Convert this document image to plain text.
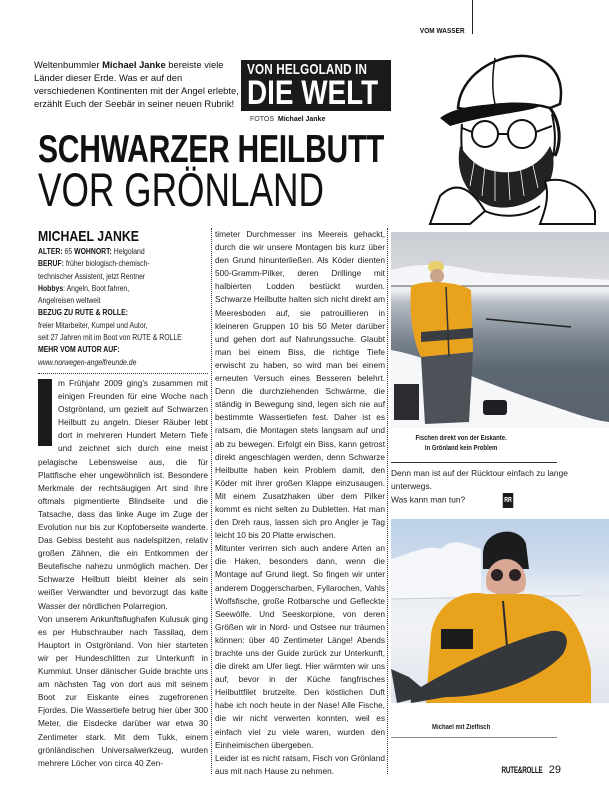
VOM WASSER
Weltenbummler Michael Janke bereiste viele Länder dieser Erde. Was er auf den verschiedenen Kontinenten mit der Angel erlebte, erzählt Euch der Seebär in seiner neuen Rubrik!
VON HELGOLAND IN
DIE WELT
FOTOS Michael Janke
SCHWARZER HEILBUTT
VOR GRÖNLAND
MICHAEL JANKE
ALTER: 65 WOHNORT: Helgoland
BERUF: früher biologisch-chemisch-
technischer Assistent, jetzt Rentner
Hobbys: Angeln, Boot fahren,
Angelreisen weltweit
BEZUG ZU RUTE & ROLLE:
freier Mitarbeiter, Kumpel und Autor,
seit 27 Jahren mit im Boot von RUTE & ROLLE
MEHR VOM AUTOR AUF:
www.norwegen-angelfreunde.de

m Frühjahr 2009 ging's zusammen mit einigen Freunden für eine Woche nach Ostgrönland, um gezielt auf Schwarzen Heilbutt zu angeln. Dieser Räuber lebt dort in mehreren Hundert Metern Tiefe und zeichnet sich durch eine meist pelagische Lebensweise aus, die für Plattfische eher ungewöhnlich ist. Besondere Merkmale der rechtsäugigen Art sind ihre oftmals pigmentierte Blindseite und die Tatsache, dass das linke Auge im Zuge der Evolution nur bis zur Kopfoberseite wanderte. Das Gebiss besteht aus nadelspitzen, relativ großen Zähnen, die ein Entkommen der Beutefische nahezu unmöglich machen. Der Schwarze Heilbutt bleibt kleiner als sein weißer Verwandter und bevorzugt das kalte Wasser der nördlichen Polarregion.

Von unserem Ankunftsflughafen Kulusuk ging es per Hubschrauber nach Tassilaq, dem Hauptort in Ostgrönland. Von hier starteten wir per Hundeschlitten zur Unterkunft in Kummiut. Unser dänischer Guide brachte uns am nächsten Tag von dort aus mit seinem Boot zur Eiskante eines zugefrorenen Fjordes. Die Wassertiefe betrug hier über 300 Meter, die Eisdecke darüber war etwa 30 Zentimeter stark. Mit dem Tukk, einem grönländischen Universalwerkzeug, wurden mehrere Löcher von circa 40 Zen-

timeter Durchmesser ins Meereis gehackt, durch die wir unsere Montagen bis kurz über den Grund hinunterließen. Als Köder dienten 500-Gramm-Pilker, deren Drillinge mit halbierten Lodden bestückt wurden. Schwarze Heilbutte halten sich nicht direkt am Meeresboden auf, sie patrouillieren in kleineren Gruppen 10 bis 50 Meter darüber und gehen dort auf Nahrungssuche. Glaubt man bei einem Biss, die richtige Tiefe erwischt zu haben, so wird man bei einem erneuten Versuch eines Besseren belehrt. Denn die durchziehenden Schwärme, die ständig in Bewegung sind, legen sich nie auf bestimmte Wassertiefen fest. Daher ist es ratsam, die Montagen stets langsam auf und ab zu bewegen. Erfolgt ein Biss, kann getrost direkt angeschlagen werden, denn Schwarze Heilbutte haben kein Problem damit, den Köder mit ihrer großen Klappe einzusaugen. Mit einem Zusatzhaken über dem Pilker kommt es nicht selten zu Dubletten. Hat man den Dreh raus, lassen sich pro Angler je Tag leicht 10 bis 20 Platte erwischen.

Mitunter verirren sich auch andere Arten an die Haken, besonders dann, wenn die Montage auf Grund liegt. So fingen wir unter anderem Doggerscharben, Fyllarochen, Vahls Wolfsfische, große Rotbarsche und Gefleckte Seewölfe. Und Seeskorpione, von deren Größen wir in Nord- und Ostsee nur träumen können: über 40 Zentimeter Länge! Abends brachte uns der Guide zurück zur Unterkunft, die direkt am Ufer liegt. Hier wärmten wir uns auf, bevor in der Küche fangfrisches Heilbuttfilet brutzelte. Den köstlichen Duft habe ich noch heute in der Nase! Alle Fische, die wir nicht verwerten konnten, weil es einfach viel zu viele waren, wurden den Einheimischen übergeben.

Leider ist es nicht ratsam, Fisch von Grönland aus mit nach Hause zu nehmen.

Fischen direkt von der Eiskante.
In Grönland kein Problem

Denn man ist auf der Rücktour einfach zu lange unterwegs.

Was kann man tun?	RR

Michael mit Zielfisch
RUTE&ROLLE 29
